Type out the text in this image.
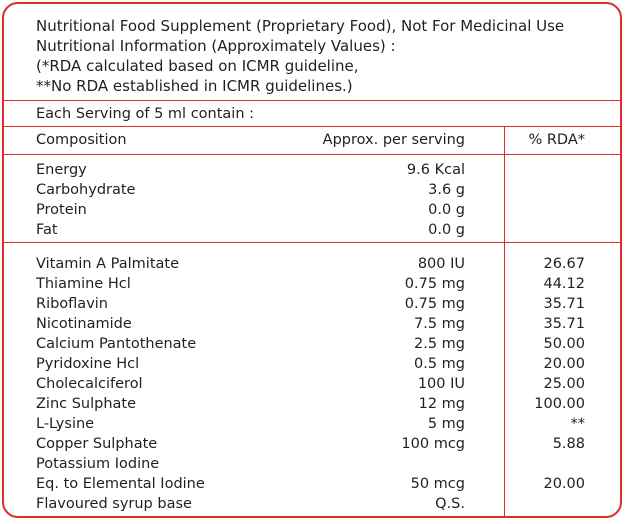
Nutritional Food Supplement (Proprietary Food), Not For Medicinal Use
Nutritional Information (Approximately Values) :
(*RDA calculated based on ICMR guideline,
**No RDA established in ICMR guidelines.)
Each Serving of 5 ml contain :
Composition	Approx. per serving	% RDA*
Energy	9.6 Kcal
Carbohydrate	3.6 g
Protein	0.0 g
Fat	0.0 g
Vitamin A Palmitate	800 IU	26.67
Thiamine Hcl	0.75 mg	44.12
Riboflavin	0.75 mg	35.71
Nicotinamide	7.5 mg	35.71
Calcium Pantothenate	2.5 mg	50.00
Pyridoxine Hcl	0.5 mg	20.00
Cholecalciferol	100 IU	25.00
Zinc Sulphate	12 mg	100.00
L-Lysine	5 mg	**
Copper Sulphate	100 mcg	5.88
Potassium Iodine
Eq. to Elemental Iodine	50 mcg	20.00
Flavoured syrup base	Q.S.
